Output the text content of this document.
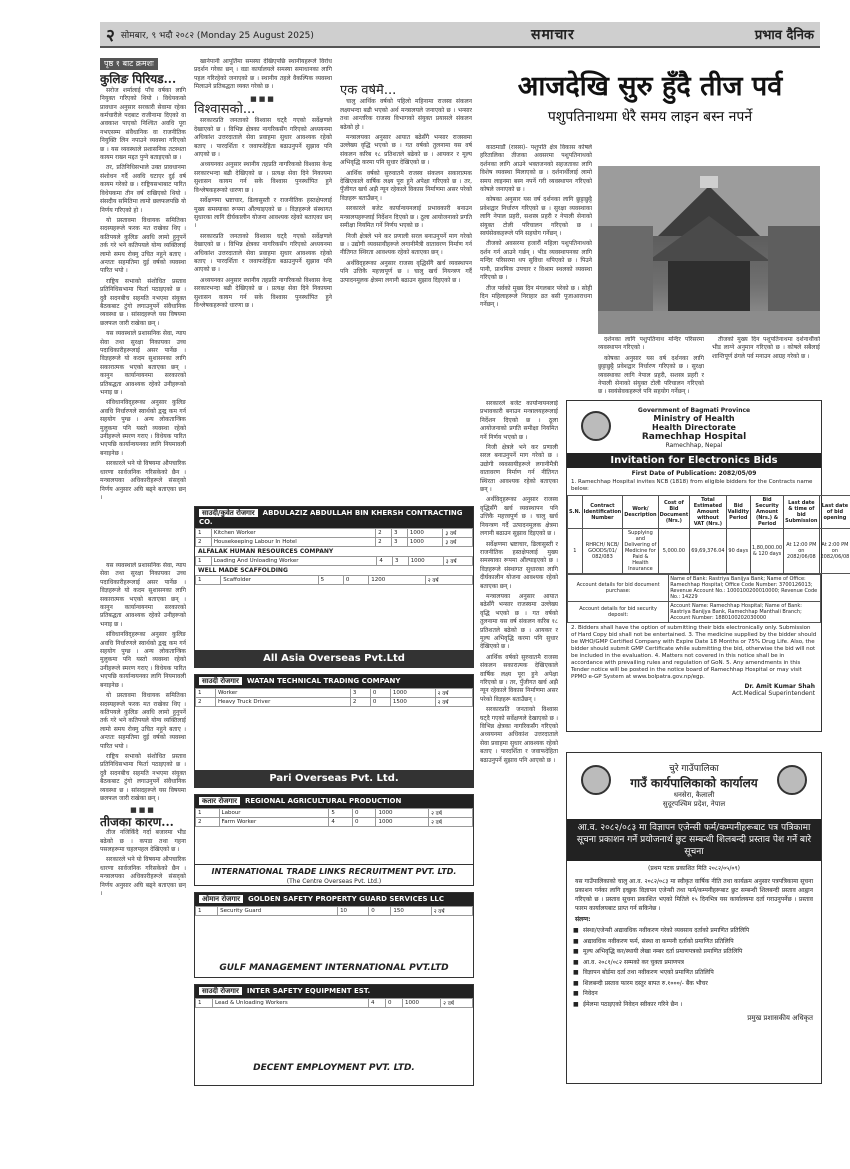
२ सोमबार, ९ भदौ २०८२ (Monday 25 August 2025)	समाचार	प्रभाव दैनिक
पृष्ठ १ बाट क्रमशः
कुलिङ पिरियड...

सरोज शर्मालाई पाँच वर्षका लागि नियुक्त गरिएको थियो । विधेयकको प्रावधान अनुसार सरकारी सेवामा रहेका कर्मचारीले पदबाट राजीनामा दिएको वा अवकाश पाएको निश्चित अवधि पूरा नभएसम्म संवैधानिक वा राजनीतिक नियुक्ति लिन नपाउने व्यवस्था गरिएको छ । यस व्यवस्थाले प्रशासनिक तटस्थता कायम राख्न मद्दत पुग्ने बताइएको छ ।

तर, प्रतिनिधिसभाले उक्त प्रावधानमा संशोधन गर्दै अवधि घटाएर दुई वर्ष कायम गरेको छ । राष्ट्रियसभाबाट पारित विधेयकमा तीन वर्ष राखिएको थियो । संसदीय समितिमा लामो छलफलपछि यो निर्णय गरिएको हो ।

यो प्रस्तावमा विधायक समितिका सदस्यहरूले फरक मत राखेका थिए । कतिपयले कुलिङ अवधि लामो हुनुपर्ने तर्क गरे भने कतिपयले योग्य व्यक्तिलाई लामो समय रोक्नु उचित नहुने बताए । अन्ततः सहमतिमा दुई वर्षको व्यवस्था पारित भयो ।

राष्ट्रिय सभाको संशोधित प्रस्ताव प्रतिनिधिसभामा फिर्ता पठाइएको छ । दुवै सदनबीच सहमति नभएमा संयुक्त बैठकबाट टुंगो लगाउनुपर्ने संवैधानिक व्यवस्था छ । सांसदहरूले यस विषयमा छलफल जारी राखेका छन् ।

यस व्यवस्थाले प्रशासनिक सेवा, न्याय सेवा तथा सुरक्षा निकायका उच्च पदाधिकारीहरूलाई असर पार्नेछ । विज्ञहरूले यो कदम सुशासनका लागि सकारात्मक भएको बताएका छन् । कानुन कार्यान्वयनमा सरकारको प्रतिबद्धता आवश्यक रहेको उनीहरूको भनाइ छ ।

संविधानविद्हरूका अनुसार कुलिङ अवधि निर्धारणले स्वार्थको द्वन्द्व कम गर्न सहयोग पुग्छ । अन्य लोकतान्त्रिक मुलुकमा पनि यस्तो व्यवस्था रहेको उनीहरूले स्मरण गराए । विधेयक पारित भएपछि कार्यान्वयनका लागि नियमावली बनाइनेछ ।

सरकारले भने यो विषयमा औपचारिक धारणा सार्वजनिक गरिसकेको छैन । मन्त्रालयका अधिकारीहरूले संसद्को निर्णय अनुसार अघि बढ्ने बताएका छन् ।

यस व्यवस्थाले प्रशासनिक सेवा, न्याय सेवा तथा सुरक्षा निकायका उच्च पदाधिकारीहरूलाई असर पार्नेछ । विज्ञहरूले यो कदम सुशासनका लागि सकारात्मक भएको बताएका छन् । कानुन कार्यान्वयनमा सरकारको प्रतिबद्धता आवश्यक रहेको उनीहरूको भनाइ छ ।

संविधानविद्हरूका अनुसार कुलिङ अवधि निर्धारणले स्वार्थको द्वन्द्व कम गर्न सहयोग पुग्छ । अन्य लोकतान्त्रिक मुलुकमा पनि यस्तो व्यवस्था रहेको उनीहरूले स्मरण गराए । विधेयक पारित भएपछि कार्यान्वयनका लागि नियमावली बनाइनेछ ।

यो प्रस्तावमा विधायक समितिका सदस्यहरूले फरक मत राखेका थिए । कतिपयले कुलिङ अवधि लामो हुनुपर्ने तर्क गरे भने कतिपयले योग्य व्यक्तिलाई लामो समय रोक्नु उचित नहुने बताए । अन्ततः सहमतिमा दुई वर्षको व्यवस्था पारित भयो ।

राष्ट्रिय सभाको संशोधित प्रस्ताव प्रतिनिधिसभामा फिर्ता पठाइएको छ । दुवै सदनबीच सहमति नभएमा संयुक्त बैठकबाट टुंगो लगाउनुपर्ने संवैधानिक व्यवस्था छ । सांसदहरूले यस विषयमा छलफल जारी राखेका छन् ।

■■■
तीजका कारण...

तीज नजिकिँदै गर्दा बजारमा भीड बढेको छ । कपडा तथा गहना पसलहरूमा चहलपहल देखिएको छ ।

सरकारले भने यो विषयमा औपचारिक धारणा सार्वजनिक गरिसकेको छैन । मन्त्रालयका अधिकारीहरूले संसद्को निर्णय अनुसार अघि बढ्ने बताएका छन् ।

खानेपानी आपूर्तिमा समस्या देखिएपछि स्थानीयहरूले विरोध प्रदर्शन गरेका छन् । वडा कार्यालयले समस्या समाधानका लागि पहल गरिरहेको जनाएको छ । स्थानीय तहले वैकल्पिक व्यवस्था मिलाउने प्रतिबद्धता व्यक्त गरेको छ ।

■■■
विश्वासको...

सरकारप्रति जनताको विश्वास घट्दै गएको सर्वेक्षणले देखाएको छ । विभिन्न क्षेत्रका नागरिकसँग गरिएको अध्ययनमा अधिकांश उत्तरदाताले सेवा प्रवाहमा सुधार आवश्यक रहेको बताए । पारदर्शिता र जवाफदेहिता बढाउनुपर्ने सुझाव पनि आएको छ ।

अध्ययनका अनुसार स्थानीय तहप्रति नागरिकको विश्वास केन्द्र सरकारभन्दा बढी देखिएको छ । प्रत्यक्ष सेवा दिने निकायमा सुशासन कायम गर्न सके विश्वास पुनर्स्थापित हुने विश्लेषकहरूको धारणा छ ।

सर्वेक्षणमा भ्रष्टाचार, ढिलासुस्ती र राजनीतिक हस्तक्षेपलाई मुख्य समस्याका रूपमा औंल्याइएको छ । विज्ञहरूले संस्थागत सुधारका लागि दीर्घकालीन योजना आवश्यक रहेको बताएका छन् ।

सरकारप्रति जनताको विश्वास घट्दै गएको सर्वेक्षणले देखाएको छ । विभिन्न क्षेत्रका नागरिकसँग गरिएको अध्ययनमा अधिकांश उत्तरदाताले सेवा प्रवाहमा सुधार आवश्यक रहेको बताए । पारदर्शिता र जवाफदेहिता बढाउनुपर्ने सुझाव पनि आएको छ ।

अध्ययनका अनुसार स्थानीय तहप्रति नागरिकको विश्वास केन्द्र सरकारभन्दा बढी देखिएको छ । प्रत्यक्ष सेवा दिने निकायमा सुशासन कायम गर्न सके विश्वास पुनर्स्थापित हुने विश्लेषकहरूको धारणा छ ।

एक वर्षमै...

चालु आर्थिक वर्षको पहिलो महिनामा राजस्व संकलन लक्ष्यभन्दा बढी भएको अर्थ मन्त्रालयले जनाएको छ । भन्सार तथा आन्तरिक राजस्व विभागको संयुक्त प्रयासले संकलन बढेको हो ।

मन्त्रालयका अनुसार आयात बढेसँगै भन्सार राजस्वमा उल्लेख्य वृद्धि भएको छ । गत वर्षको तुलनामा यस वर्ष संकलन करिब १८ प्रतिशतले बढेको छ । आयकर र मूल्य अभिवृद्धि करमा पनि सुधार देखिएको छ ।

आर्थिक वर्षको सुरुवातमै राजस्व संकलन सकारात्मक देखिएकाले वार्षिक लक्ष्य पूरा हुने अपेक्षा गरिएको छ । तर, पुँजीगत खर्च अझै न्यून रहेकाले विकास निर्माणमा असर परेको विज्ञहरू बताउँछन् ।

सरकारले बजेट कार्यान्वयनलाई प्रभावकारी बनाउन मन्त्रालयहरूलाई निर्देशन दिएको छ । ठूला आयोजनाको प्रगति समीक्षा नियमित गर्ने निर्णय भएको छ ।

निजी क्षेत्रले भने कर प्रणाली सरल बनाउनुपर्ने माग गरेको छ । उद्योगी व्यवसायीहरूले लगानीमैत्री वातावरण निर्माण गर्न नीतिगत स्थिरता आवश्यक रहेको बताएका छन् ।

अर्थविद्हरूका अनुसार राजस्व वृद्धिसँगै खर्च व्यवस्थापन पनि उत्तिकै महत्त्वपूर्ण छ । चालु खर्च नियन्त्रण गर्दै उत्पादनमूलक क्षेत्रमा लगानी बढाउन सुझाव दिइएको छ ।

आजदेखि सुरु हुँदै तीज पर्व
पशुपतिनाथमा धेरै समय लाइन बस्न नपर्ने

काठमाडौं (रासस)- पशुपति क्षेत्र विकास कोषले हरितालिका तीजका अवसरमा पशुपतिनाथको दर्शनका लागि आउने भक्तजनको सहजताका लागि विशेष व्यवस्था मिलाएको छ । दर्शनार्थीलाई लामो समय लाइनमा बस्न नपर्ने गरी व्यवस्थापन गरिएको कोषले जनाएको छ ।

कोषका अनुसार यस वर्ष दर्शनका लागि छुट्टाछुट्टै प्रवेशद्वार निर्धारण गरिएको छ । सुरक्षा व्यवस्थाका लागि नेपाल प्रहरी, सशस्त्र प्रहरी र नेपाली सेनाको संयुक्त टोली परिचालन गरिएको छ । स्वयंसेवकहरूले पनि सहयोग गर्नेछन् ।

तीजको अवसरमा हजारौं महिला पशुपतिनाथको दर्शन गर्न आउने गर्छन् । भीड व्यवस्थापनका लागि मन्दिर परिसरमा थप सुविधा थपिएको छ । पिउने पानी, प्राथमिक उपचार र विश्राम स्थलको व्यवस्था गरिएको छ ।

तीज पर्वको मुख्य दिन मंगलबार परेको छ । सोही दिन महिलाहरूले निराहार व्रत बसी पूजाआराधना गर्नेछन् ।

दर्शनका लागि पशुपतिनाथ मन्दिर परिसरमा व्यवस्थापन गरिएको ।

कोषका अनुसार यस वर्ष दर्शनका लागि छुट्टाछुट्टै प्रवेशद्वार निर्धारण गरिएको छ । सुरक्षा व्यवस्थाका लागि नेपाल प्रहरी, सशस्त्र प्रहरी र नेपाली सेनाको संयुक्त टोली परिचालन गरिएको छ । स्वयंसेवकहरूले पनि सहयोग गर्नेछन् ।

तीजको मुख्य दिन पशुपतिनाथमा दर्शनार्थीको भीड लाग्ने अनुमान गरिएको छ । कोषले सबैलाई शान्तिपूर्ण ढंगले पर्व मनाउन आग्रह गरेको छ ।

साउदी/कुवेत रोजगार ABDULAZIZ ABDULLAH BIN KHERSH CONTRACTING CO.
1	Kitchen Worker	2	3	1000	३ वर्ष
2	Housekeeping Labour In Hotel	2	3	1000	३ वर्ष
ALFALAK HUMAN RESOURCES COMPANY
1	Loading And Unloading Worker	4	3	1000	३ वर्ष
WELL MADE SCAFFOLDING
1	Scaffolder	5	0	1200	२ वर्ष
All Asia Overseas Pvt.Ltd
साउदी रोजगार WATAN TECHNICAL TRADING COMPANY
1	Worker	3	0	1000	२ वर्ष
2	Heavy Truck Driver	2	0	1500	२ वर्ष
Pari Overseas Pvt. Ltd.
कतार रोजगार REGIONAL AGRICULTURAL PRODUCTION
1	Labour	5	0	1000	२ वर्ष
2	Farm Worker	4	0	1000	२ वर्ष
INTERNATIONAL TRADE LINKS RECRUITMENT PVT. LTD.
(The Centre Overseas Pvt. Ltd.)
ओमान रोजगार GOLDEN SAFETY PROPERTY GUARD SERVICES LLC
1	Security Guard	10	0	150	२ वर्ष
GULF MANAGEMENT INTERNATIONAL PVT.LTD
साउदी रोजगार INTER SAFETY EQUIPMENT EST.
1	Lead & Unloading Workers	4	0	1000	२ वर्ष
DECENT EMPLOYMENT PVT. LTD.

सरकारले बजेट कार्यान्वयनलाई प्रभावकारी बनाउन मन्त्रालयहरूलाई निर्देशन दिएको छ । ठूला आयोजनाको प्रगति समीक्षा नियमित गर्ने निर्णय भएको छ ।

निजी क्षेत्रले भने कर प्रणाली सरल बनाउनुपर्ने माग गरेको छ । उद्योगी व्यवसायीहरूले लगानीमैत्री वातावरण निर्माण गर्न नीतिगत स्थिरता आवश्यक रहेको बताएका छन् ।

अर्थविद्हरूका अनुसार राजस्व वृद्धिसँगै खर्च व्यवस्थापन पनि उत्तिकै महत्त्वपूर्ण छ । चालु खर्च नियन्त्रण गर्दै उत्पादनमूलक क्षेत्रमा लगानी बढाउन सुझाव दिइएको छ ।

सर्वेक्षणमा भ्रष्टाचार, ढिलासुस्ती र राजनीतिक हस्तक्षेपलाई मुख्य समस्याका रूपमा औंल्याइएको छ । विज्ञहरूले संस्थागत सुधारका लागि दीर्घकालीन योजना आवश्यक रहेको बताएका छन् ।

मन्त्रालयका अनुसार आयात बढेसँगै भन्सार राजस्वमा उल्लेख्य वृद्धि भएको छ । गत वर्षको तुलनामा यस वर्ष संकलन करिब १८ प्रतिशतले बढेको छ । आयकर र मूल्य अभिवृद्धि करमा पनि सुधार देखिएको छ ।

आर्थिक वर्षको सुरुवातमै राजस्व संकलन सकारात्मक देखिएकाले वार्षिक लक्ष्य पूरा हुने अपेक्षा गरिएको छ । तर, पुँजीगत खर्च अझै न्यून रहेकाले विकास निर्माणमा असर परेको विज्ञहरू बताउँछन् ।

सरकारप्रति जनताको विश्वास घट्दै गएको सर्वेक्षणले देखाएको छ । विभिन्न क्षेत्रका नागरिकसँग गरिएको अध्ययनमा अधिकांश उत्तरदाताले सेवा प्रवाहमा सुधार आवश्यक रहेको बताए । पारदर्शिता र जवाफदेहिता बढाउनुपर्ने सुझाव पनि आएको छ ।

Government of Bagmati Province
Ministry of Health
Health Directorate
Ramechhap Hospital
Ramechhap, Nepal
Invitation for Electronics Bids
First Date of Publication: 2082/05/09
1. Ramechhap Hospital invites NCB (1818) from eligible bidders for the Contracts name below:
S.N.	Contract Identification Number	Work/ Description	Cost of Bid Document (Nrs.)	Total Estimated Amount without VAT (Nrs.)	Bid Validity Period	Bid Security Amount (Nrs.) & Period	Last date & time of bid Submission	Last date of bid opening
1	RHRCH/ NCB/ GOODS/01/ 082/083	Supplying and Delivering of Medicine for Paid & Health Insurance	5,000.00	69,69,376.04	90 days	1,80,000.00 & 120 days	At 12:00 PM on 2082/06/08	At 2:00 PM on 2082/06/08
Account details for bid document purchase:	Name of Bank: Rastriya Banijya Bank; Name of Office: Ramechhap Hospital; Office Code Number: 3700126013; Revenue Account No.: 1000100200010000; Revenue Code No.: 14229
Account details for bid security deposit:	Account Name: Ramechhap Hospital; Name of Bank: Rastriya Banijya Bank, Ramechhap Manthali Branch; Account Number: 1880100202030000
2. Bidders shall have the option of submitting their bids electronically only. Submission of Hard Copy bid shall not be entertained. 3. The medicine supplied by the bidder should be WHO/GMP Certified Company with Expire Date 18 Months or 75% Drug Life. Also, the bidder should submit GMP Certificate while submitting the bid, otherwise the bid will not be included in the evaluation. 4. Matters not covered in this notice shall be in accordance with prevailing rules and regulation of GoN. 5. Any amendments in this Tender notice will be posted in the notice board of Ramechhap Hospital or may visit PPMO e-GP System at www.bolpatra.gov.np/egp.
Dr. Amit Kumar Shah
Act.Medical Superintendent
चुरे गाउँपालिका
गाउँ कार्यपालिकाको कार्यालय
धनसेरा, कैलाली
सुदूरपश्चिम प्रदेश, नेपाल
आ.व. २०८२/०८३ मा विज्ञापन एजेन्सी फर्म/कम्पनीहरूबाट पत्र पत्रिकामा सूचना प्रकाशन गर्ने प्रयोजनार्थ छुट सम्बन्धी शिलबन्दी प्रस्ताव पेश गर्ने बारे सूचना
(प्रथम पटक प्रकाशित मिति २०८२/०५/०९)
यस गाउँपालिकाको चालु आ.व. २०८२/०८३ मा स्वीकृत वार्षिक नीति तथा कार्यक्रम अनुसार पत्रपत्रिकामा सूचना प्रकाशन गर्नका लागि इच्छुक विज्ञापन एजेन्सी तथा फर्म/कम्पनीहरूबाट छुट सम्बन्धी शिलबन्दी प्रस्ताव आह्वान गरिएको छ । प्रस्ताव सूचना प्रकाशित भएको मितिले १५ दिनभित्र यस कार्यालयमा दर्ता गराउनुपर्नेछ । प्रस्ताव फारम कार्यालयबाट प्राप्त गर्न सकिनेछ ।
संलग्न:
■ संस्था/एजेन्सी अद्यावधिक नवीकरण गरेको व्यवसाय दर्ताको प्रमाणित प्रतिलिपि
■ अद्यावधिक नवीकरण फर्म, संस्था वा कम्पनी दर्ताको प्रमाणित प्रतिलिपि
■ मूल्य अभिवृद्धि कर/स्थायी लेखा नम्बर दर्ता प्रमाणपत्रको प्रमाणित प्रतिलिपि
■ आ.व. २०८१/०८२ सम्मको कर चुक्ता प्रमाणपत्र
■ विज्ञापन बोर्डमा दर्ता तथा नवीकरण भएको प्रमाणित प्रतिलिपि
■ शिलबन्दी प्रस्ताव फारम दस्तुर बापत रु.१०००/- बैंक भौचर
■ निवेदन
■ ईमेलमा पठाइएको निवेदन स्वीकार गरिने छैन ।
प्रमुख प्रशासकीय अधिकृत
